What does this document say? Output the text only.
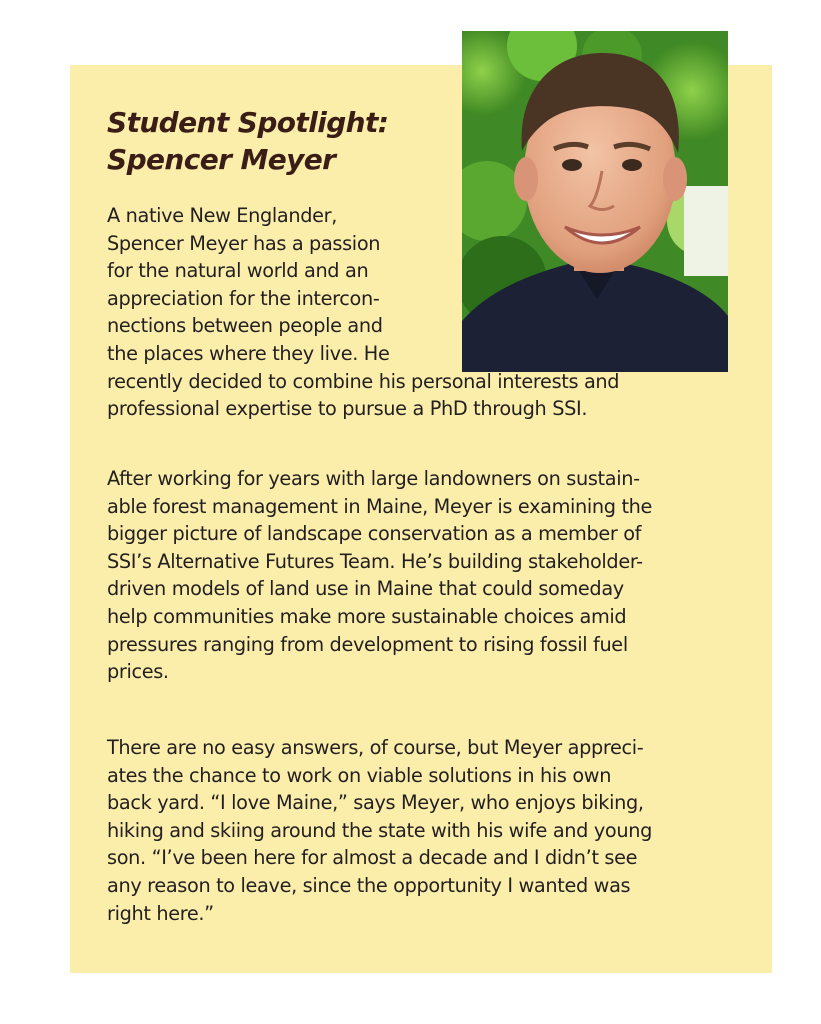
Student Spotlight:
Spencer Meyer

A native New Englander,
Spencer Meyer has a passion
for the natural world and an
appreciation for the intercon-
nections between people and
the places where they live. He
recently decided to combine his personal interests and
professional expertise to pursue a PhD through SSI.

After working for years with large landowners on sustain-
able forest management in Maine, Meyer is examining the
bigger picture of landscape conservation as a member of
SSI’s Alternative Futures Team. He’s building stakeholder-
driven models of land use in Maine that could someday
help communities make more sustainable choices amid
pressures ranging from development to rising fossil fuel
prices.

There are no easy answers, of course, but Meyer appreci-
ates the chance to work on viable solutions in his own
back yard. “I love Maine,” says Meyer, who enjoys biking,
hiking and skiing around the state with his wife and young
son. “I’ve been here for almost a decade and I didn’t see
any reason to leave, since the opportunity I wanted was
right here.”
